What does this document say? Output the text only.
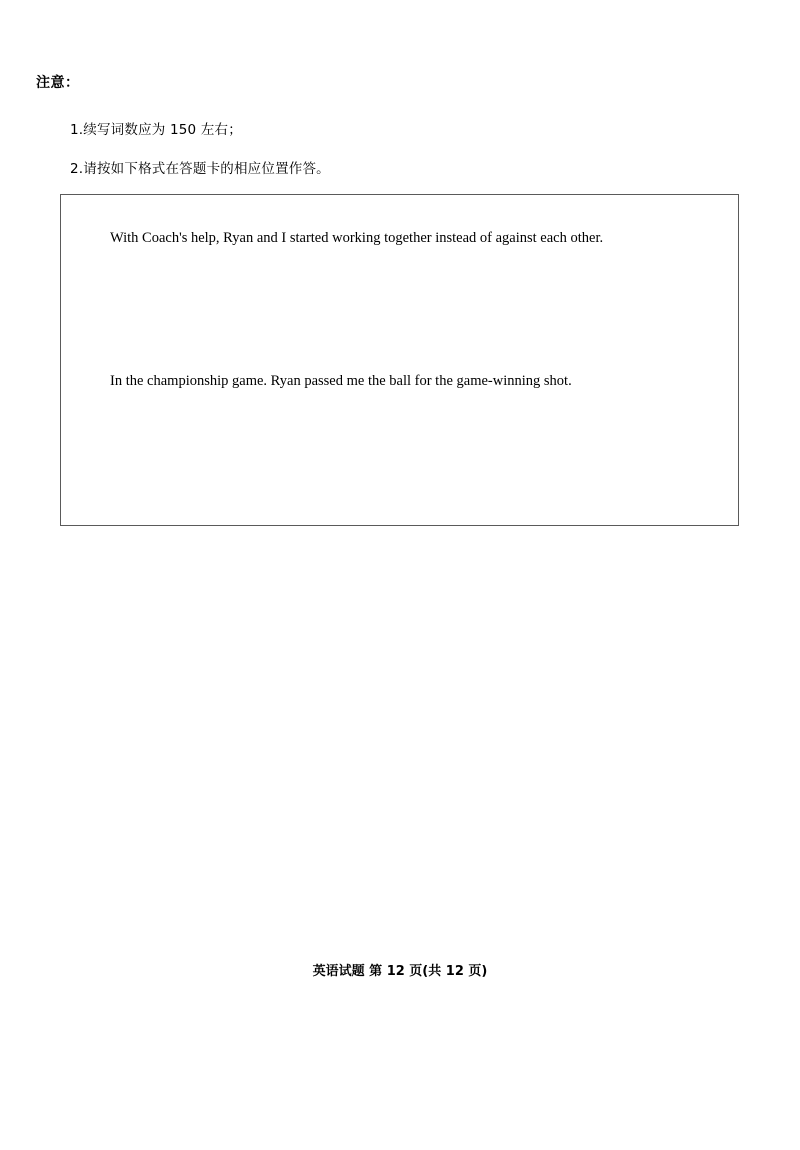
注意：
1.续写词数应为 150 左右；
2.请按如下格式在答题卡的相应位置作答。
With Coach's help, Ryan and I started working together instead of against each other.
In the championship game. Ryan passed me the ball for the game-winning shot.
英语试题 第 12 页(共 12 页)
